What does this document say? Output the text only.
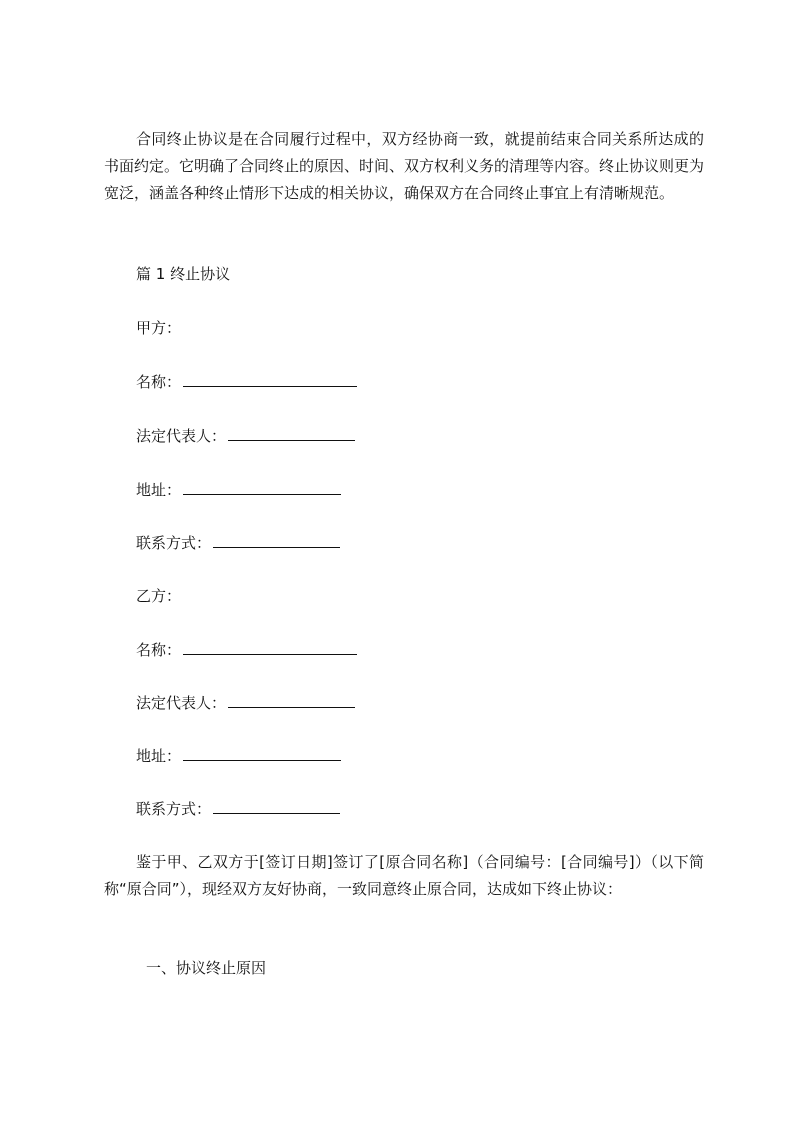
合同终止协议是在合同履行过程中，双方经协商一致，就提前结束合同关系所达成的书面约定。它明确了合同终止的原因、时间、双方权利义务的清理等内容。终止协议则更为宽泛，涵盖各种终止情形下达成的相关协议，确保双方在合同终止事宜上有清晰规范。

篇 1 终止协议

甲方：

名称：

法定代表人：

地址：

联系方式：

乙方：

名称：

法定代表人：

地址：

联系方式：

鉴于甲、乙双方于[签订日期]签订了[原合同名称]（合同编号：[合同编号]）（以下简称“原合同”），现经双方友好协商，一致同意终止原合同，达成如下终止协议：

一、协议终止原因
